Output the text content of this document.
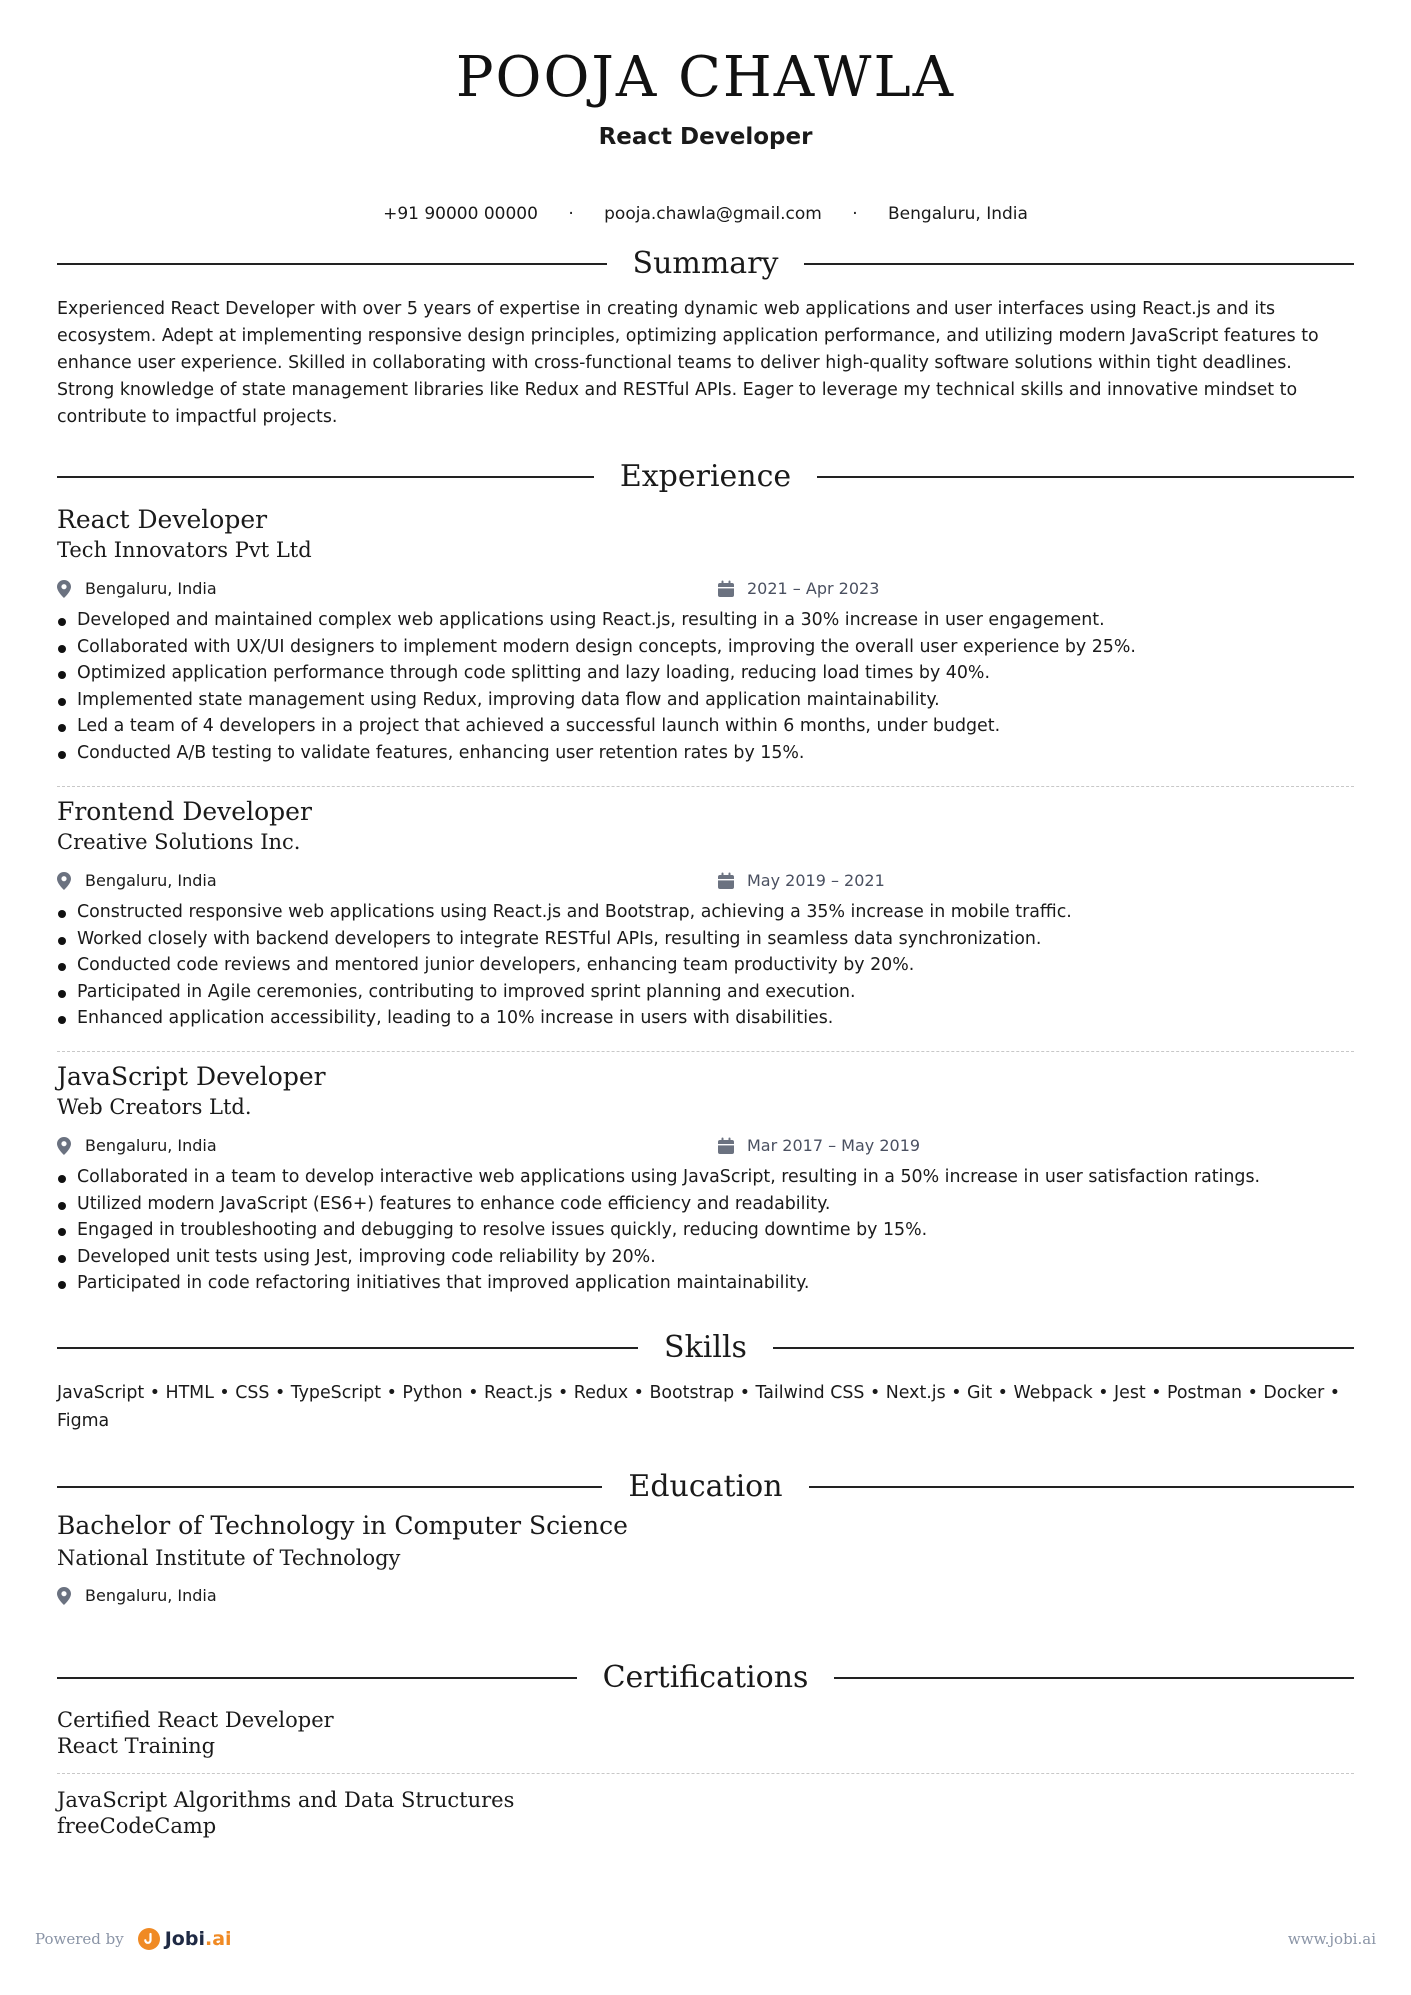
POOJA CHAWLA
React Developer
+91 90000 00000 · pooja.chawla@gmail.com · Bengaluru, India
Summary
Experienced React Developer with over 5 years of expertise in creating dynamic web applications and user interfaces using React.js and its ecosystem. Adept at implementing responsive design principles, optimizing application performance, and utilizing modern JavaScript features to enhance user experience. Skilled in collaborating with cross-functional teams to deliver high-quality software solutions within tight deadlines. Strong knowledge of state management libraries like Redux and RESTful APIs. Eager to leverage my technical skills and innovative mindset to contribute to impactful projects.
Experience
React Developer
Tech Innovators Pvt Ltd
Bengaluru, India	2021 – Apr 2023
Developed and maintained complex web applications using React.js, resulting in a 30% increase in user engagement.
Collaborated with UX/UI designers to implement modern design concepts, improving the overall user experience by 25%.
Optimized application performance through code splitting and lazy loading, reducing load times by 40%.
Implemented state management using Redux, improving data flow and application maintainability.
Led a team of 4 developers in a project that achieved a successful launch within 6 months, under budget.
Conducted A/B testing to validate features, enhancing user retention rates by 15%.
Frontend Developer
Creative Solutions Inc.
Bengaluru, India	May 2019 – 2021
Constructed responsive web applications using React.js and Bootstrap, achieving a 35% increase in mobile traffic.
Worked closely with backend developers to integrate RESTful APIs, resulting in seamless data synchronization.
Conducted code reviews and mentored junior developers, enhancing team productivity by 20%.
Participated in Agile ceremonies, contributing to improved sprint planning and execution.
Enhanced application accessibility, leading to a 10% increase in users with disabilities.
JavaScript Developer
Web Creators Ltd.
Bengaluru, India	Mar 2017 – May 2019
Collaborated in a team to develop interactive web applications using JavaScript, resulting in a 50% increase in user satisfaction ratings.
Utilized modern JavaScript (ES6+) features to enhance code efficiency and readability.
Engaged in troubleshooting and debugging to resolve issues quickly, reducing downtime by 15%.
Developed unit tests using Jest, improving code reliability by 20%.
Participated in code refactoring initiatives that improved application maintainability.
Skills
JavaScript • HTML • CSS • TypeScript • Python • React.js • Redux • Bootstrap • Tailwind CSS • Next.js • Git • Webpack • Jest • Postman • Docker • Figma
Education
Bachelor of Technology in Computer Science
National Institute of Technology
Bengaluru, India
Certifications
Certified React Developer
React Training
JavaScript Algorithms and Data Structures
freeCodeCamp
Powered by Jobi.ai	www.jobi.ai
